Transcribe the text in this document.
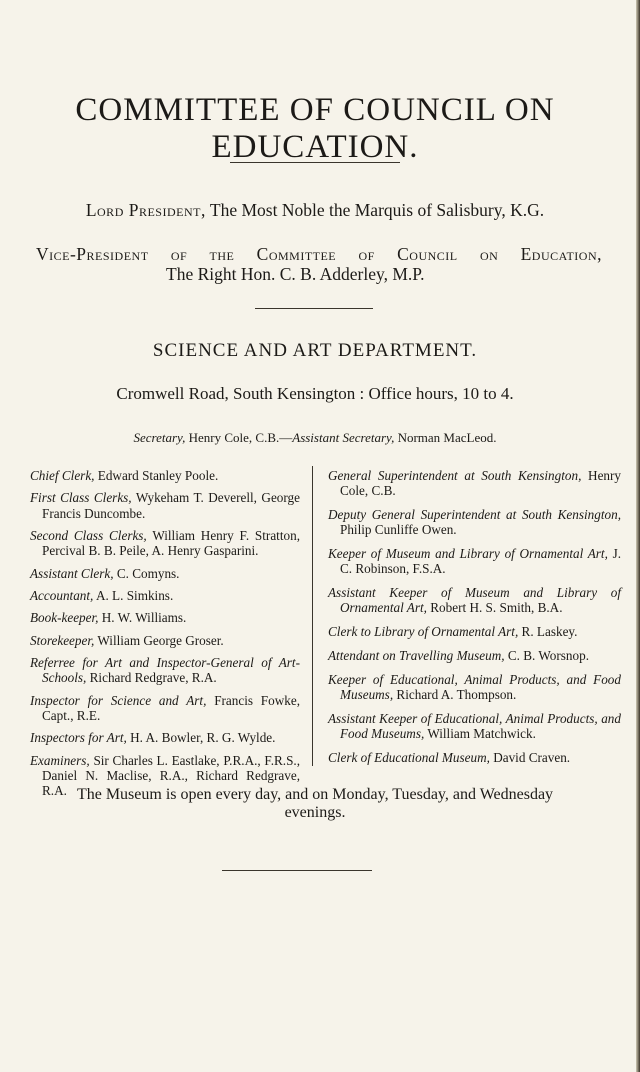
COMMITTEE OF COUNCIL ON EDUCATION.
Lord President, The Most Noble the Marquis of Salisbury, K.G.
Vice-President of the Committee of Council on Education,
The Right Hon. C. B. Adderley, M.P.
SCIENCE AND ART DEPARTMENT.
Cromwell Road, South Kensington : Office hours, 10 to 4.
Secretary, Henry Cole, C.B.—Assistant Secretary, Norman MacLeod.

Chief Clerk, Edward Stanley Poole.

First Class Clerks, Wykeham T. Deverell, George Francis Duncombe.

Second Class Clerks, William Henry F. Stratton, Percival B. B. Peile, A. Henry Gasparini.

Assistant Clerk, C. Comyns.

Accountant, A. L. Simkins.

Book-keeper, H. W. Williams.

Storekeeper, William George Groser.

Referree for Art and Inspector-General of Art-Schools, Richard Redgrave, R.A.

Inspector for Science and Art, Francis Fowke, Capt., R.E.

Inspectors for Art, H. A. Bowler, R. G. Wylde.

Examiners, Sir Charles L. Eastlake, P.R.A., F.R.S., Daniel N. Maclise, R.A., Richard Redgrave, R.A.

General Superintendent at South Kensington, Henry Cole, C.B.

Deputy General Superintendent at South Kensington, Philip Cunliffe Owen.

Keeper of Museum and Library of Ornamental Art, J. C. Robinson, F.S.A.

Assistant Keeper of Museum and Library of Ornamental Art, Robert H. S. Smith, B.A.

Clerk to Library of Ornamental Art, R. Laskey.

Attendant on Travelling Museum, C. B. Worsnop.

Keeper of Educational, Animal Products, and Food Museums, Richard A. Thompson.

Assistant Keeper of Educational, Animal Products, and Food Museums, William Matchwick.

Clerk of Educational Museum, David Craven.

The Museum is open every day, and on Monday, Tuesday, and Wednesday
evenings.
